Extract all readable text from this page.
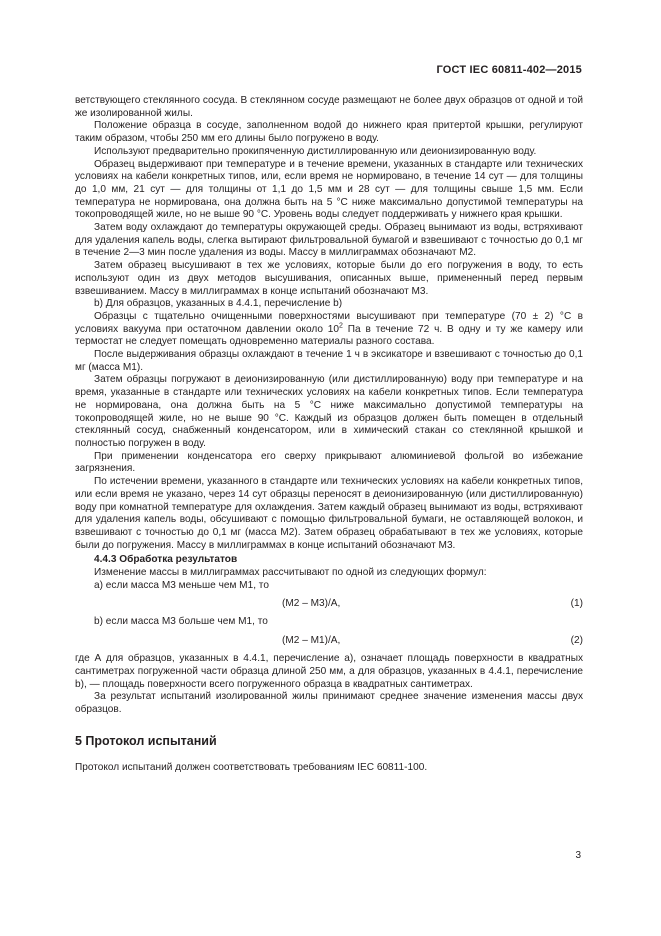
ГОСТ IEC 60811-402—2015

ветствующего стеклянного сосуда. В стеклянном сосуде размещают не более двух образцов от одной и той же изолированной жилы.

Положение образца в сосуде, заполненном водой до нижнего края притертой крышки, регулируют таким образом, чтобы 250 мм его длины было погружено в воду.

Используют предварительно прокипяченную дистиллированную или деионизированную воду.

Образец выдерживают при температуре и в течение времени, указанных в стандарте или технических условиях на кабели конкретных типов, или, если время не нормировано, в течение 14 сут — для толщины до 1,0 мм, 21 сут — для толщины от 1,1 до 1,5 мм и 28 сут — для толщины свыше 1,5 мм. Если температура не нормирована, она должна быть на 5 °С ниже максимально допустимой температуры на токопроводящей жиле, но не выше 90 °С. Уровень воды следует поддерживать у нижнего края крышки.

Затем воду охлаждают до температуры окружающей среды. Образец вынимают из воды, встряхивают для удаления капель воды, слегка вытирают фильтровальной бумагой и взвешивают с точностью до 0,1 мг в течение 2—3 мин после удаления из воды. Массу в миллиграммах обозначают М2.

Затем образец высушивают в тех же условиях, которые были до его погружения в воду, то есть используют один из двух методов высушивания, описанных выше, примененный перед первым взвешиванием. Массу в миллиграммах в конце испытаний обозначают М3.

b) Для образцов, указанных в 4.4.1, перечисление b)

Образцы с тщательно очищенными поверхностями высушивают при температуре (70 ± 2) °С в условиях вакуума при остаточном давлении около $10^2$ Па в течение 72 ч. В одну и ту же камеру или термостат не следует помещать одновременно материалы разного состава.

После выдерживания образцы охлаждают в течение 1 ч в эксикаторе и взвешивают с точностью до 0,1 мг (масса М1).

Затем образцы погружают в деионизированную (или дистиллированную) воду при температуре и на время, указанные в стандарте или технических условиях на кабели конкретных типов. Если температура не нормирована, она должна быть на 5 °С ниже максимально допустимой температуры на токопроводящей жиле, но не выше 90 °С. Каждый из образцов должен быть помещен в отдельный стеклянный сосуд, снабженный конденсатором, или в химический стакан со стеклянной крышкой и полностью погружен в воду.

При применении конденсатора его сверху прикрывают алюминиевой фольгой во избежание загрязнения.

По истечении времени, указанного в стандарте или технических условиях на кабели конкретных типов, или если время не указано, через 14 сут образцы переносят в деионизированную (или дистиллированную) воду при комнатной температуре для охлаждения. Затем каждый образец вынимают из воды, встряхивают для удаления капель воды, обсушивают с помощью фильтровальной бумаги, не оставляющей волокон, и взвешивают с точностью до 0,1 мг (масса М2). Затем образец обрабатывают в тех же условиях, которые были до погружения. Массу в миллиграммах в конце испытаний обозначают М3.

4.4.3 Обработка результатов

Изменение массы в миллиграммах рассчитывают по одной из следующих формул:

а) если масса М3 меньше чем М1, то

(М2 – М3)/А,	(1)

b) если масса М3 больше чем М1, то

(М2 – М1)/А,	(2)

где А для образцов, указанных в 4.4.1, перечисление а), означает площадь поверхности в квадратных сантиметрах погруженной части образца длиной 250 мм, а для образцов, указанных в 4.4.1, перечисление b), — площадь поверхности всего погруженного образца в квадратных сантиметрах.

За результат испытаний изолированной жилы принимают среднее значение изменения массы двух образцов.

5 Протокол испытаний

Протокол испытаний должен соответствовать требованиям IEC 60811-100.

3
